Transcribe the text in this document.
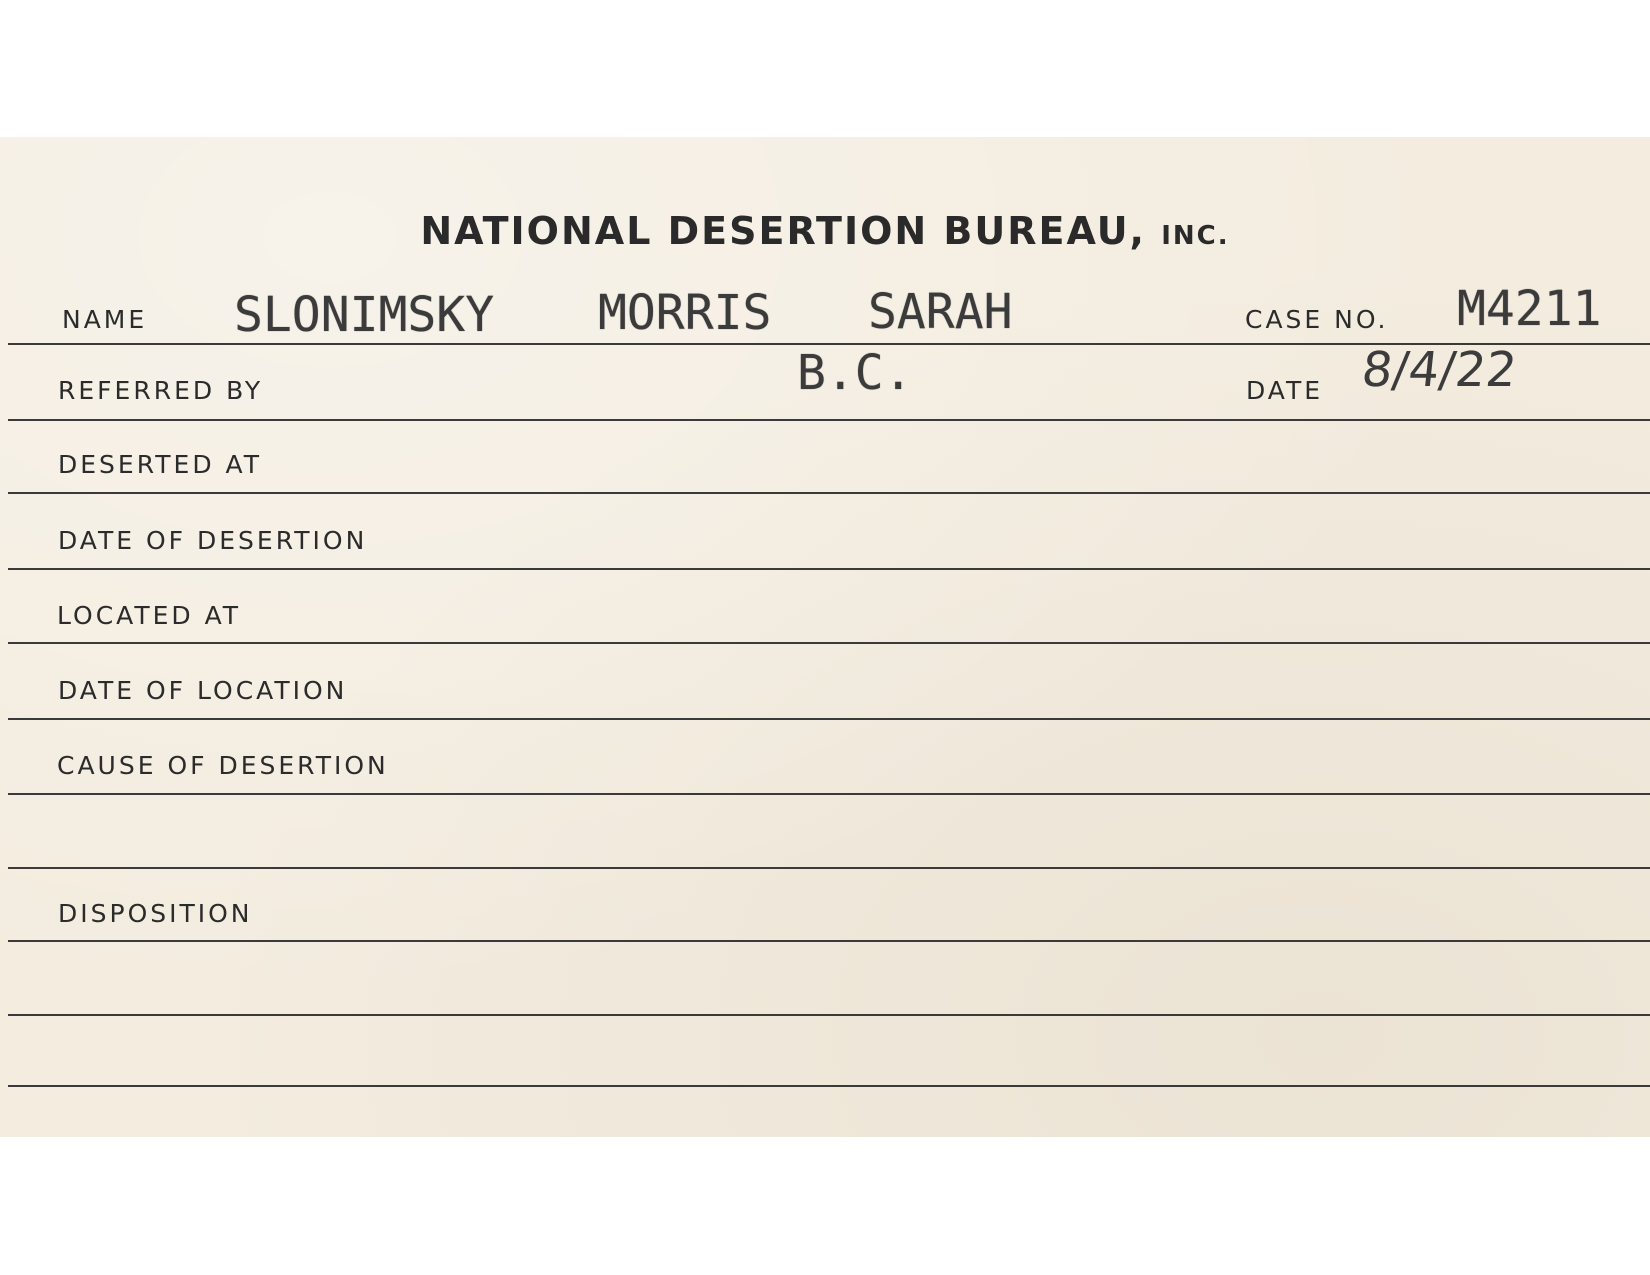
NATIONAL DESERTION BUREAU, INC.
NAME SLONIMSKY MORRIS SARAH	CASE NO. M4211
REFERRED BY	B.C.	DATE 8/4/22
DESERTED AT
DATE OF DESERTION
LOCATED AT
DATE OF LOCATION
CAUSE OF DESERTION
DISPOSITION
